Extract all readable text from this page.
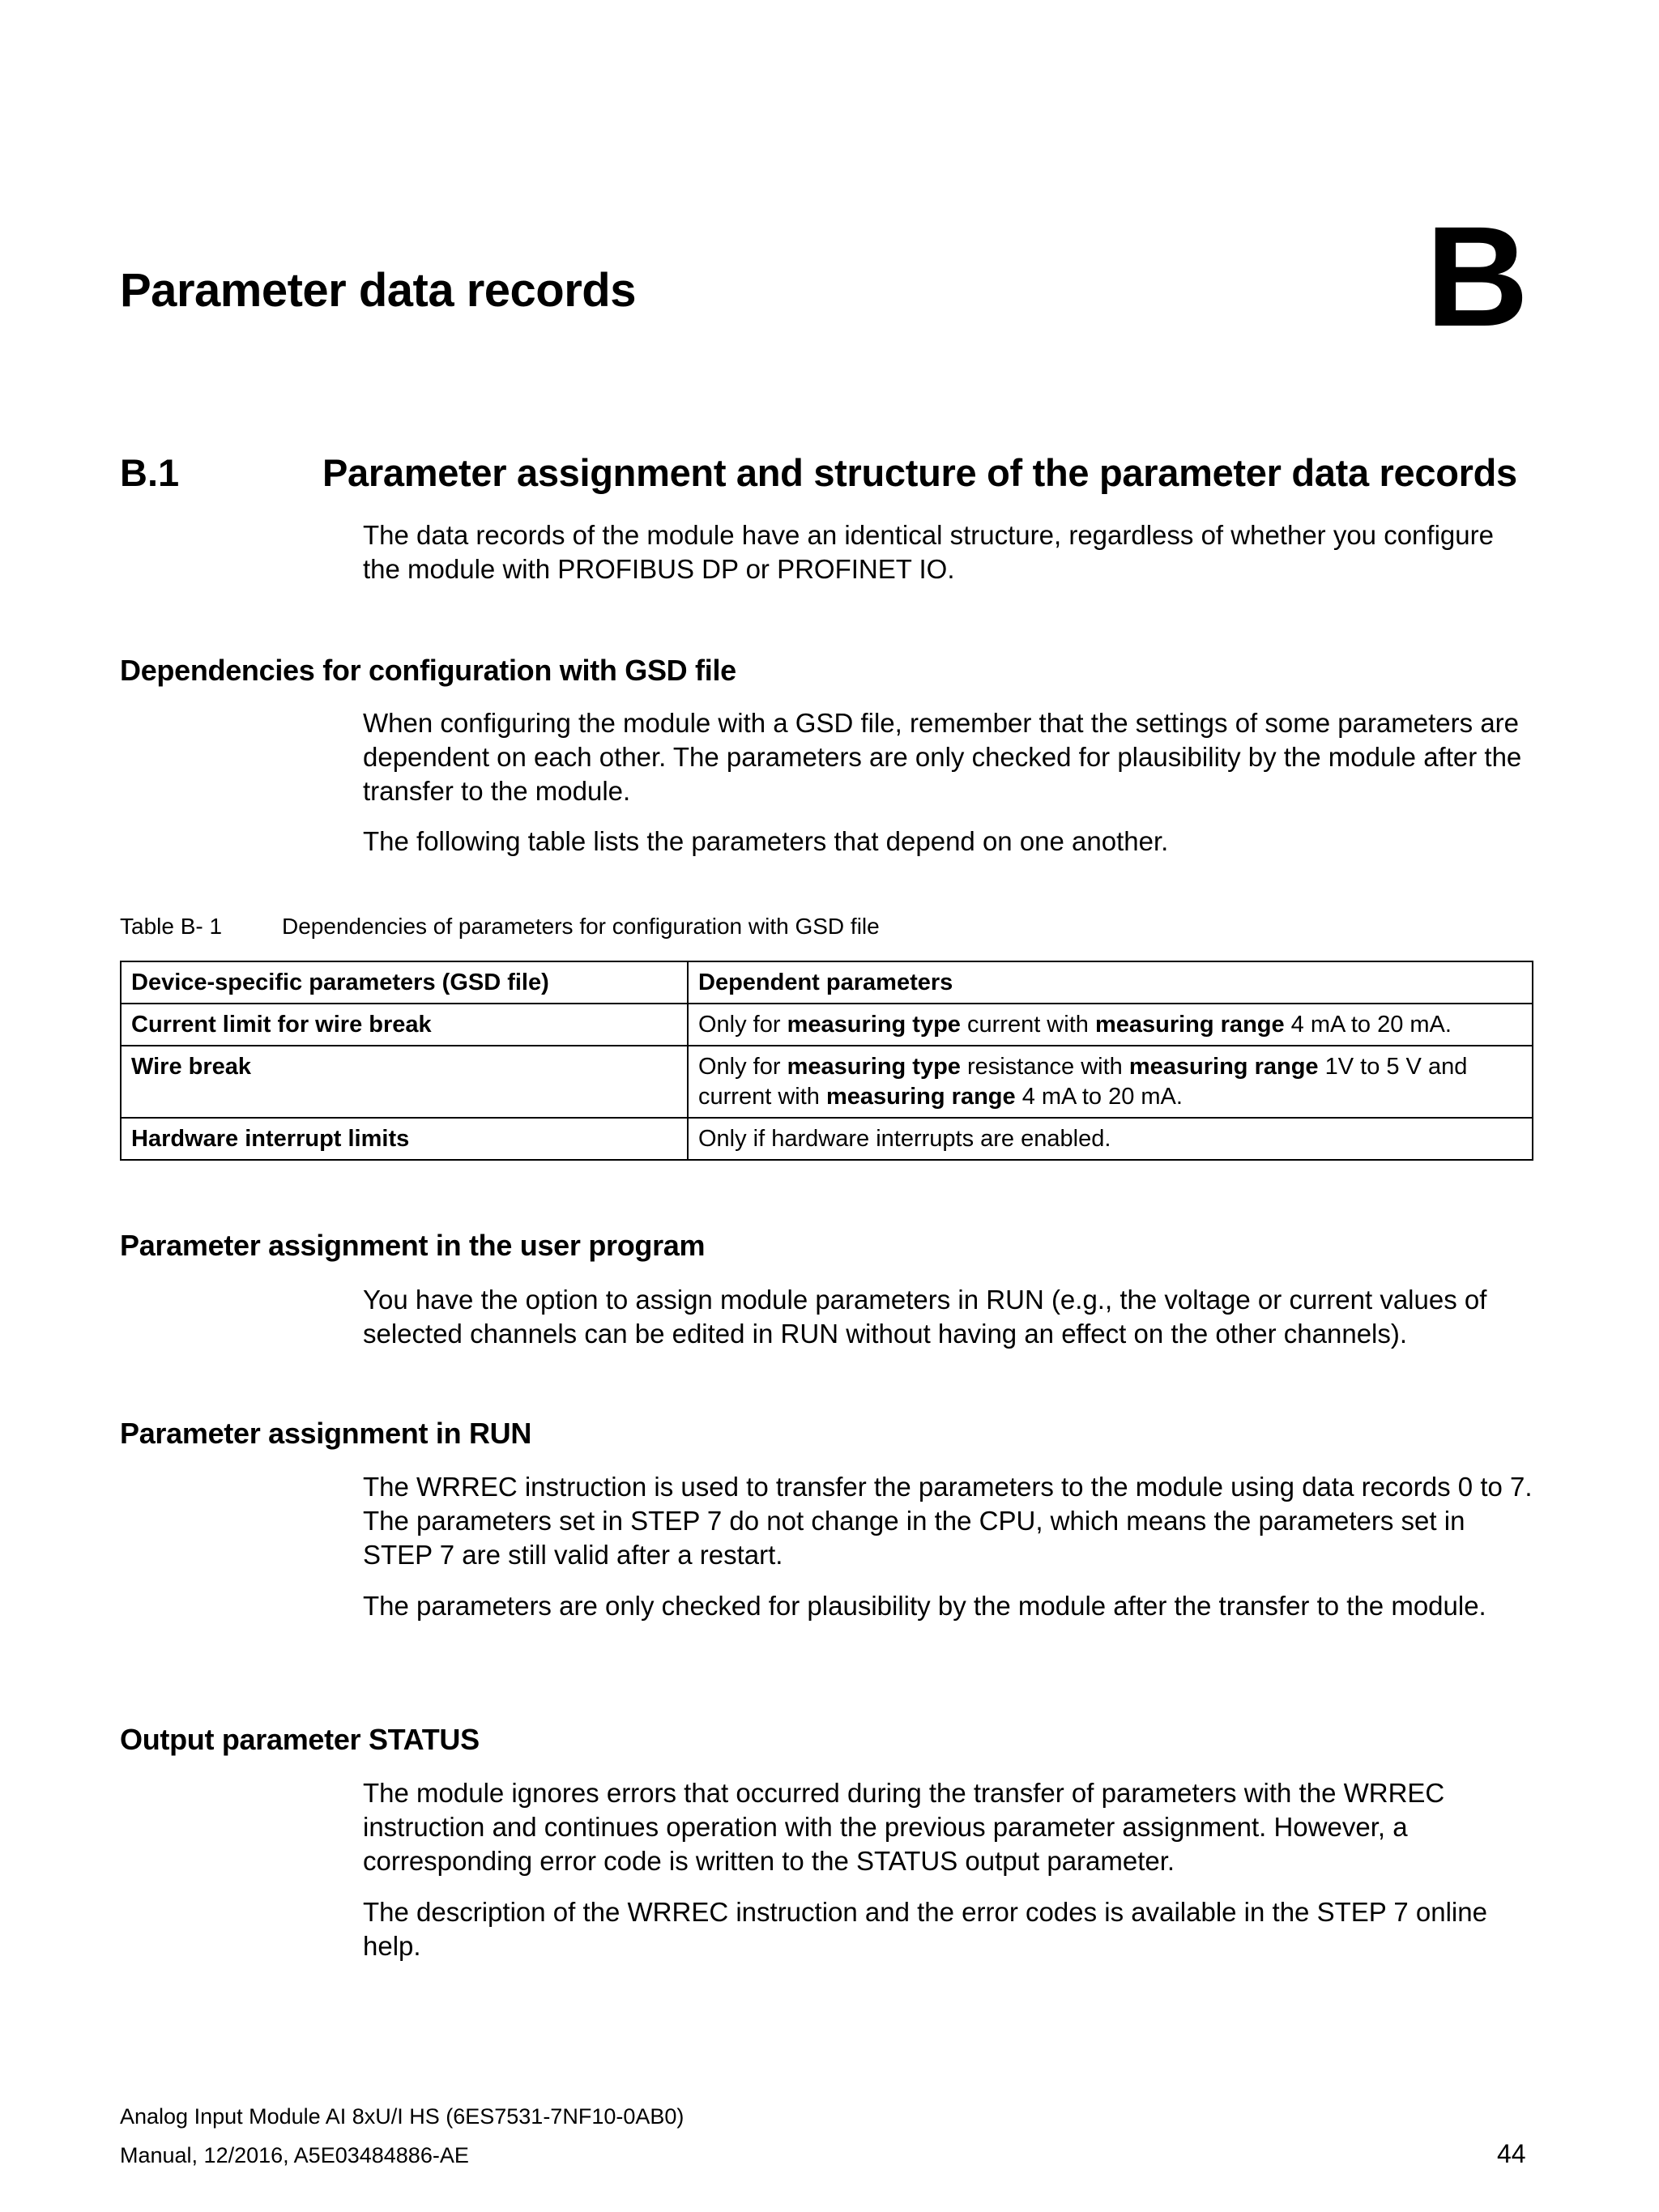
Parameter data records	B
B.1	Parameter assignment and structure of the parameter data records
The data records of the module have an identical structure, regardless of whether you configure the module with PROFIBUS DP or PROFINET IO.
Dependencies for configuration with GSD file
When configuring the module with a GSD file, remember that the settings of some parameters are dependent on each other. The parameters are only checked for plausibility by the module after the transfer to the module.
The following table lists the parameters that depend on one another.
Table B- 1	Dependencies of parameters for configuration with GSD file
Device-specific parameters (GSD file)	Dependent parameters
Current limit for wire break	Only for measuring type current with measuring range 4 mA to 20 mA.
Wire break	Only for measuring type resistance with measuring range 1V to 5 V and current with measuring range 4 mA to 20 mA.
Hardware interrupt limits	Only if hardware interrupts are enabled.
Parameter assignment in the user program
You have the option to assign module parameters in RUN (e.g., the voltage or current values of selected channels can be edited in RUN without having an effect on the other channels).
Parameter assignment in RUN
The WRREC instruction is used to transfer the parameters to the module using data records 0 to 7. The parameters set in STEP 7 do not change in the CPU, which means the parameters set in STEP 7 are still valid after a restart.
The parameters are only checked for plausibility by the module after the transfer to the module.
Output parameter STATUS
The module ignores errors that occurred during the transfer of parameters with the WRREC instruction and continues operation with the previous parameter assignment. However, a corresponding error code is written to the STATUS output parameter.
The description of the WRREC instruction and the error codes is available in the STEP 7 online help.
Analog Input Module AI 8xU/I HS (6ES7531-7NF10-0AB0)
Manual, 12/2016, A5E03484886-AE	44
